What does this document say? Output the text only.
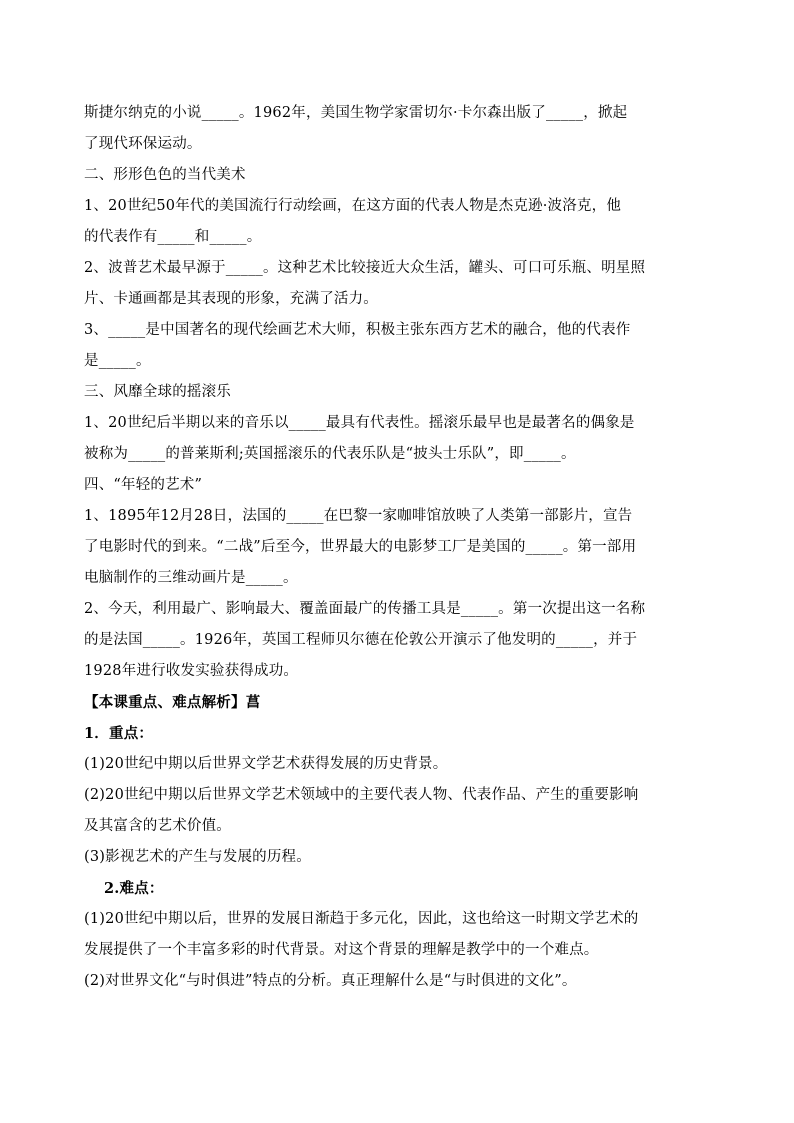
斯捷尔纳克的小说_____。1962年，美国生物学家雷切尔·卡尔森出版了_____，掀起
了现代环保运动。
二、形形色色的当代美术
1、20世纪50年代的美国流行行动绘画，在这方面的代表人物是杰克逊·波洛克，他
的代表作有_____和_____。
2、波普艺术最早源于_____。这种艺术比较接近大众生活，罐头、可口可乐瓶、明星照
片、卡通画都是其表现的形象，充满了活力。
3、_____是中国著名的现代绘画艺术大师，积极主张东西方艺术的融合，他的代表作
是_____。
三、风靡全球的摇滚乐
1、20世纪后半期以来的音乐以_____最具有代表性。摇滚乐最早也是最著名的偶象是
被称为_____的普莱斯利;英国摇滚乐的代表乐队是“披头士乐队”，即_____。
四、“年轻的艺术”
1、1895年12月28日，法国的_____在巴黎一家咖啡馆放映了人类第一部影片，宣告
了电影时代的到来。“二战”后至今，世界最大的电影梦工厂是美国的_____。第一部用
电脑制作的三维动画片是_____。
2、今天，利用最广、影响最大、覆盖面最广的传播工具是_____。第一次提出这一名称
的是法国_____。1926年，英国工程师贝尔德在伦敦公开演示了他发明的_____，并于
1928年进行收发实验获得成功。
【本课重点、难点解析】菖
1．重点：
(1)20世纪中期以后世界文学艺术获得发展的历史背景。
(2)20世纪中期以后世界文学艺术领域中的主要代表人物、代表作品、产生的重要影响
及其富含的艺术价值。
(3)影视艺术的产生与发展的历程。
2.难点：
(1)20世纪中期以后，世界的发展日渐趋于多元化，因此，这也给这一时期文学艺术的
发展提供了一个丰富多彩的时代背景。对这个背景的理解是教学中的一个难点。
(2)对世界文化“与时俱进”特点的分析。真正理解什么是“与时俱进的文化”。
